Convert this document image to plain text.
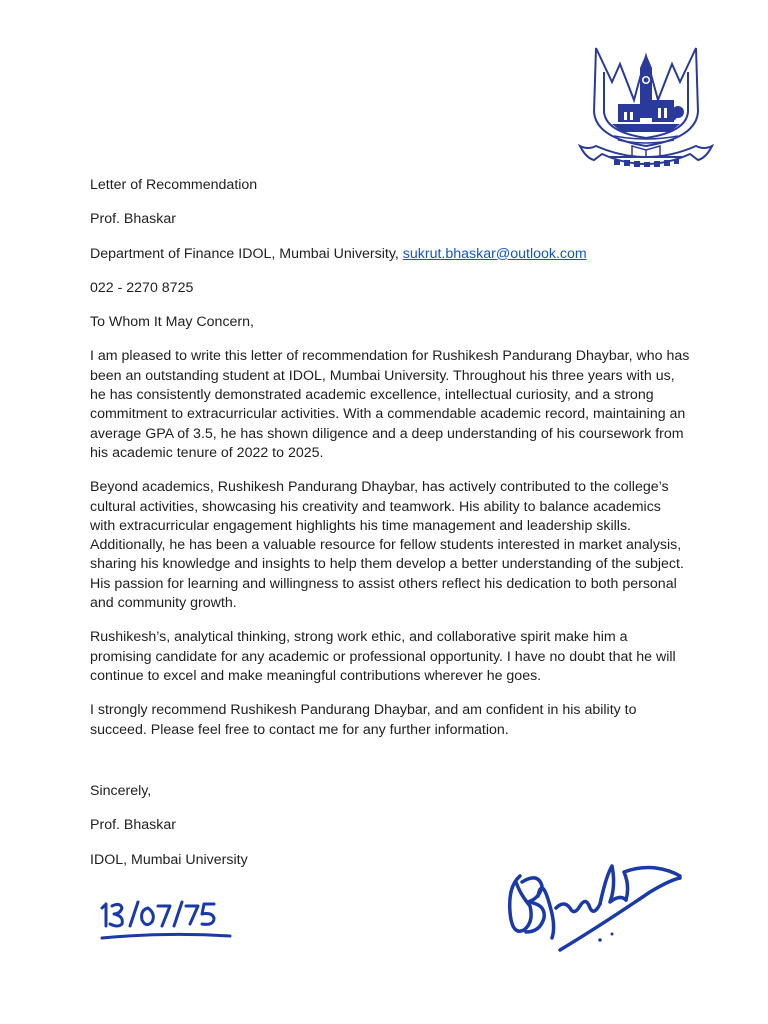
Letter of Recommendation
Prof. Bhaskar
Department of Finance IDOL, Mumbai University, sukrut.bhaskar@outlook.com
022 - 2270 8725
To Whom It May Concern,

I am pleased to write this letter of recommendation for Rushikesh Pandurang Dhaybar, who has been an outstanding student at IDOL, Mumbai University. Throughout his three years with us, he has consistently demonstrated academic excellence, intellectual curiosity, and a strong commitment to extracurricular activities. With a commendable academic record, maintaining an average GPA of 3.5, he has shown diligence and a deep understanding of his coursework from his academic tenure of 2022 to 2025.

Beyond academics, Rushikesh Pandurang Dhaybar, has actively contributed to the college’s cultural activities, showcasing his creativity and teamwork. His ability to balance academics with extracurricular engagement highlights his time management and leadership skills. Additionally, he has been a valuable resource for fellow students interested in market analysis, sharing his knowledge and insights to help them develop a better understanding of the subject. His passion for learning and willingness to assist others reflect his dedication to both personal and community growth.

Rushikesh’s, analytical thinking, strong work ethic, and collaborative spirit make him a promising candidate for any academic or professional opportunity. I have no doubt that he will continue to excel and make meaningful contributions wherever he goes.

I strongly recommend Rushikesh Pandurang Dhaybar, and am confident in his ability to succeed. Please feel free to contact me for any further information.

Sincerely,
Prof. Bhaskar
IDOL, Mumbai University
